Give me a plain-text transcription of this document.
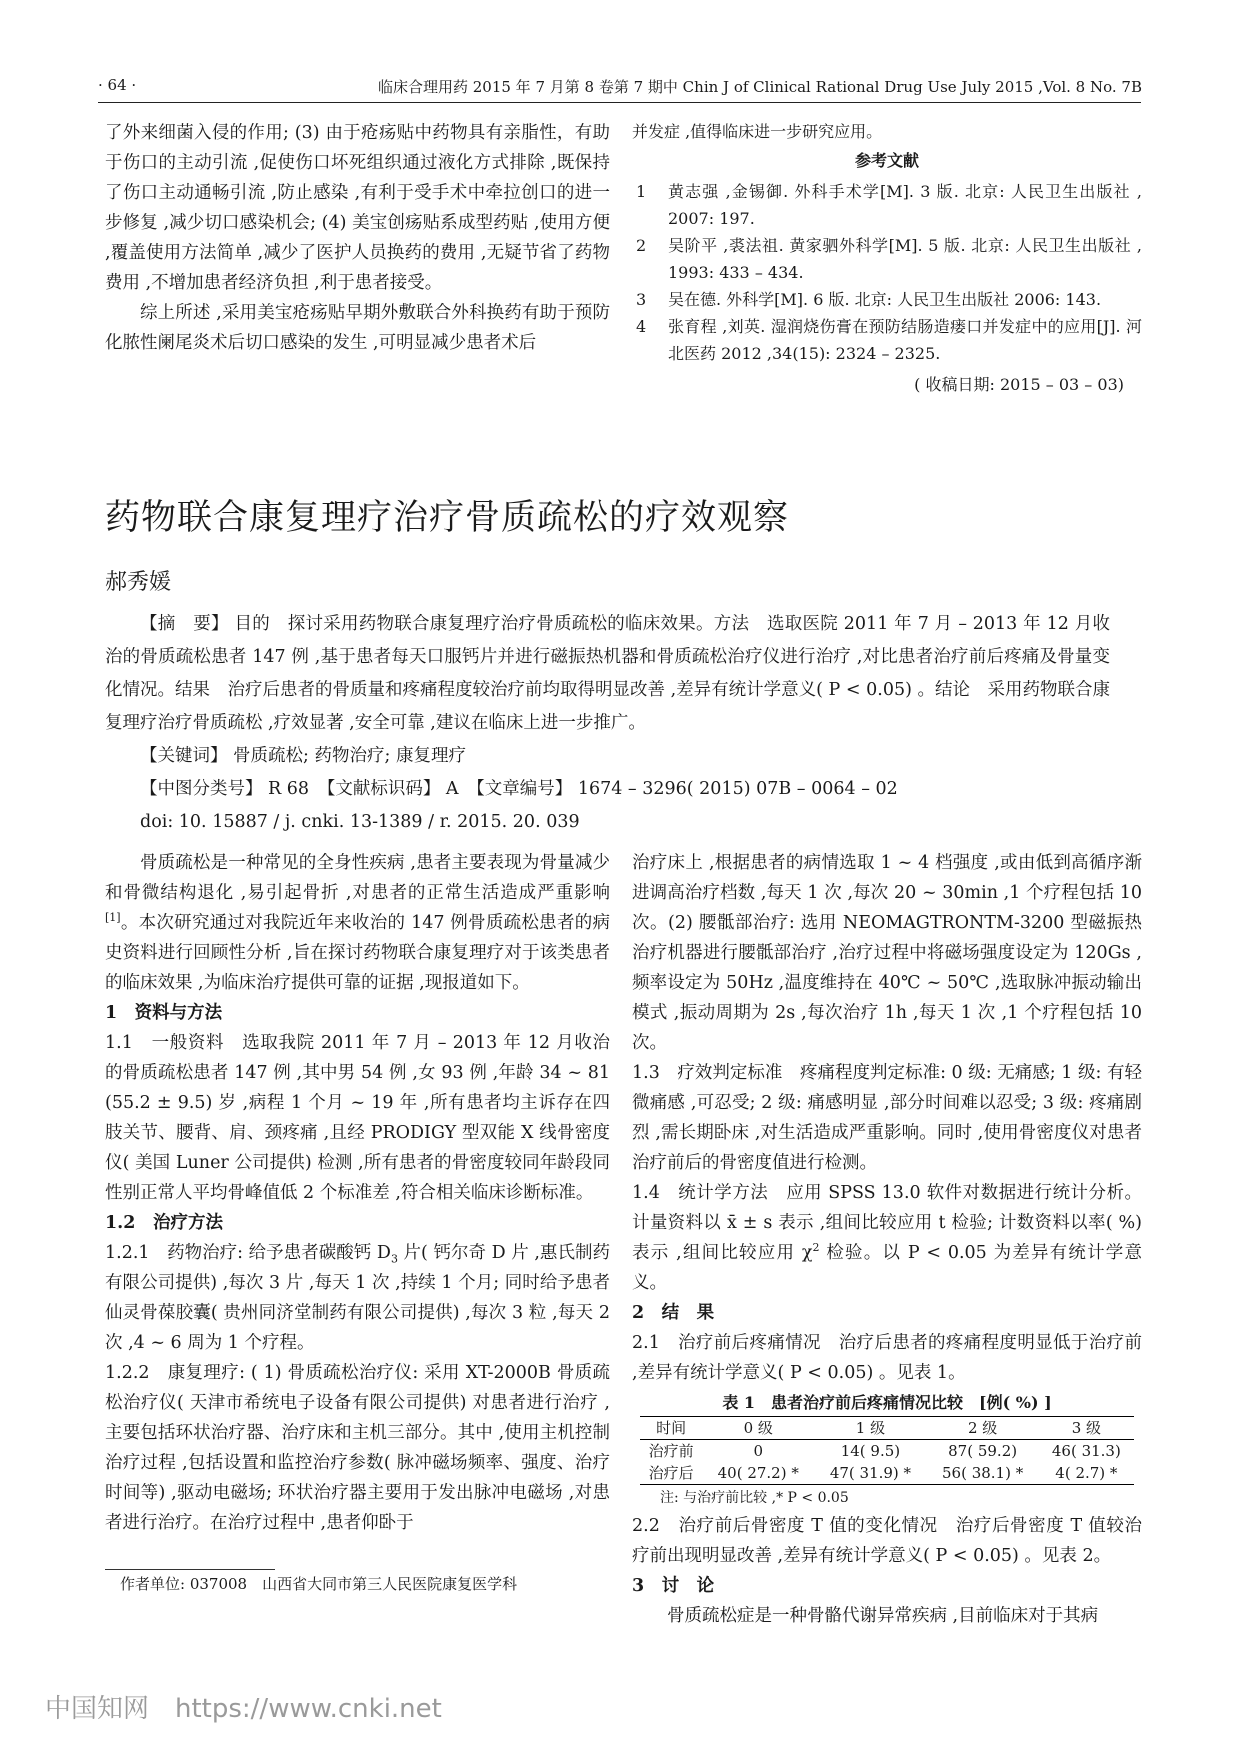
· 64 ·	临床合理用药 2015 年 7 月第 8 卷第 7 期中 Chin J of Clinical Rational Drug Use July 2015 ,Vol. 8 No. 7B

了外来细菌入侵的作用; (3) 由于疮疡贴中药物具有亲脂性，有助于伤口的主动引流 ,促使伤口坏死组织通过液化方式排除 ,既保持了伤口主动通畅引流 ,防止感染 ,有利于受手术中牵拉创口的进一步修复 ,减少切口感染机会; (4) 美宝创疡贴系成型药贴 ,使用方便 ,覆盖使用方法简单 ,减少了医护人员换药的费用 ,无疑节省了药物费用 ,不增加患者经济负担 ,利于患者接受。

综上所述 ,采用美宝疮疡贴早期外敷联合外科换药有助于预防化脓性阑尾炎术后切口感染的发生 ,可明显减少患者术后

并发症 ,值得临床进一步研究应用。

参考文献

1 黄志强 ,金锡御. 外科手术学[M]. 3 版. 北京: 人民卫生出版社 , 2007: 197.
2 吴阶平 ,裘法祖. 黄家驷外科学[M]. 5 版. 北京: 人民卫生出版社 , 1993: 433 – 434.
3 吴在德. 外科学[M]. 6 版. 北京: 人民卫生出版社 2006: 143.
4 张育程 ,刘英. 湿润烧伤膏在预防结肠造瘘口并发症中的应用[J]. 河北医药 2012 ,34(15): 2324 – 2325.

( 收稿日期: 2015 – 03 – 03)

药物联合康复理疗治疗骨质疏松的疗效观察
郝秀媛

【摘　要】 目的　探讨采用药物联合康复理疗治疗骨质疏松的临床效果。方法　选取医院 2011 年 7 月 – 2013 年 12 月收治的骨质疏松患者 147 例 ,基于患者每天口服钙片并进行磁振热机器和骨质疏松治疗仪进行治疗 ,对比患者治疗前后疼痛及骨量变化情况。结果　治疗后患者的骨质量和疼痛程度较治疗前均取得明显改善 ,差异有统计学意义( P < 0.05) 。结论　采用药物联合康复理疗治疗骨质疏松 ,疗效显著 ,安全可靠 ,建议在临床上进一步推广。

【关键词】 骨质疏松; 药物治疗; 康复理疗

【中图分类号】 R 68　【文献标识码】 A　【文章编号】 1674 – 3296( 2015) 07B – 0064 – 02

doi: 10. 15887 / j. cnki. 13-1389 / r. 2015. 20. 039

骨质疏松是一种常见的全身性疾病 ,患者主要表现为骨量减少和骨微结构退化 ,易引起骨折 ,对患者的正常生活造成严重影响[1]。本次研究通过对我院近年来收治的 147 例骨质疏松患者的病史资料进行回顾性分析 ,旨在探讨药物联合康复理疗对于该类患者的临床效果 ,为临床治疗提供可靠的证据 ,现报道如下。

1　资料与方法

1.1　一般资料　选取我院 2011 年 7 月 – 2013 年 12 月收治的骨质疏松患者 147 例 ,其中男 54 例 ,女 93 例 ,年龄 34 ~ 81 (55.2 ± 9.5) 岁 ,病程 1 个月 ~ 19 年 ,所有患者均主诉存在四肢关节、腰背、肩、颈疼痛 ,且经 PRODIGY 型双能 X 线骨密度仪( 美国 Luner 公司提供) 检测 ,所有患者的骨密度较同年龄段同性别正常人平均骨峰值低 2 个标准差 ,符合相关临床诊断标准。

1.2　治疗方法

1.2.1　药物治疗: 给予患者碳酸钙 $D_3$ 片( 钙尔奇 D 片 ,惠氏制药有限公司提供) ,每次 3 片 ,每天 1 次 ,持续 1 个月; 同时给予患者仙灵骨葆胶囊( 贵州同济堂制药有限公司提供) ,每次 3 粒 ,每天 2 次 ,4 ~ 6 周为 1 个疗程。

1.2.2　康复理疗: ( 1) 骨质疏松治疗仪: 采用 XT-2000B 骨质疏松治疗仪( 天津市希统电子设备有限公司提供) 对患者进行治疗 ,主要包括环状治疗器、治疗床和主机三部分。其中 ,使用主机控制治疗过程 ,包括设置和监控治疗参数( 脉冲磁场频率、强度、治疗时间等) ,驱动电磁场; 环状治疗器主要用于发出脉冲电磁场 ,对患者进行治疗。在治疗过程中 ,患者仰卧于

作者单位: 037008　山西省大同市第三人民医院康复医学科

治疗床上 ,根据患者的病情选取 1 ~ 4 档强度 ,或由低到高循序渐进调高治疗档数 ,每天 1 次 ,每次 20 ~ 30min ,1 个疗程包括 10 次。(2) 腰骶部治疗: 选用 NEOMAGTRONTM-3200 型磁振热治疗机器进行腰骶部治疗 ,治疗过程中将磁场强度设定为 120Gs ,频率设定为 50Hz ,温度维持在 40℃ ~ 50℃ ,选取脉冲振动输出模式 ,振动周期为 2s ,每次治疗 1h ,每天 1 次 ,1 个疗程包括 10 次。

1.3　疗效判定标准　疼痛程度判定标准: 0 级: 无痛感; 1 级: 有轻微痛感 ,可忍受; 2 级: 痛感明显 ,部分时间难以忍受; 3 级: 疼痛剧烈 ,需长期卧床 ,对生活造成严重影响。同时 ,使用骨密度仪对患者治疗前后的骨密度值进行检测。

1.4　统计学方法　应用 SPSS 13.0 软件对数据进行统计分析。计量资料以 x̄ ± s 表示 ,组间比较应用 t 检验; 计数资料以率( %) 表示 ,组间比较应用 $\chi^2$ 检验。以 P < 0.05 为差异有统计学意义。

2　结　果

2.1　治疗前后疼痛情况　治疗后患者的疼痛程度明显低于治疗前 ,差异有统计学意义( P < 0.05) 。见表 1。

表 1　患者治疗前后疼痛情况比较　[例( %) ]
时间	0 级	1 级	2 级	3 级
治疗前	0	14( 9.5)	87( 59.2)	46( 31.3)
治疗后	40( 27.2) *	47( 31.9) *	56( 38.1) *	4( 2.7) *
注: 与治疗前比较 ,* P < 0.05

2.2　治疗前后骨密度 T 值的变化情况　治疗后骨密度 T 值较治疗前出现明显改善 ,差异有统计学意义( P < 0.05) 。见表 2。

3　讨　论

骨质疏松症是一种骨骼代谢异常疾病 ,目前临床对于其病

中国知网　https://www.cnki.net
